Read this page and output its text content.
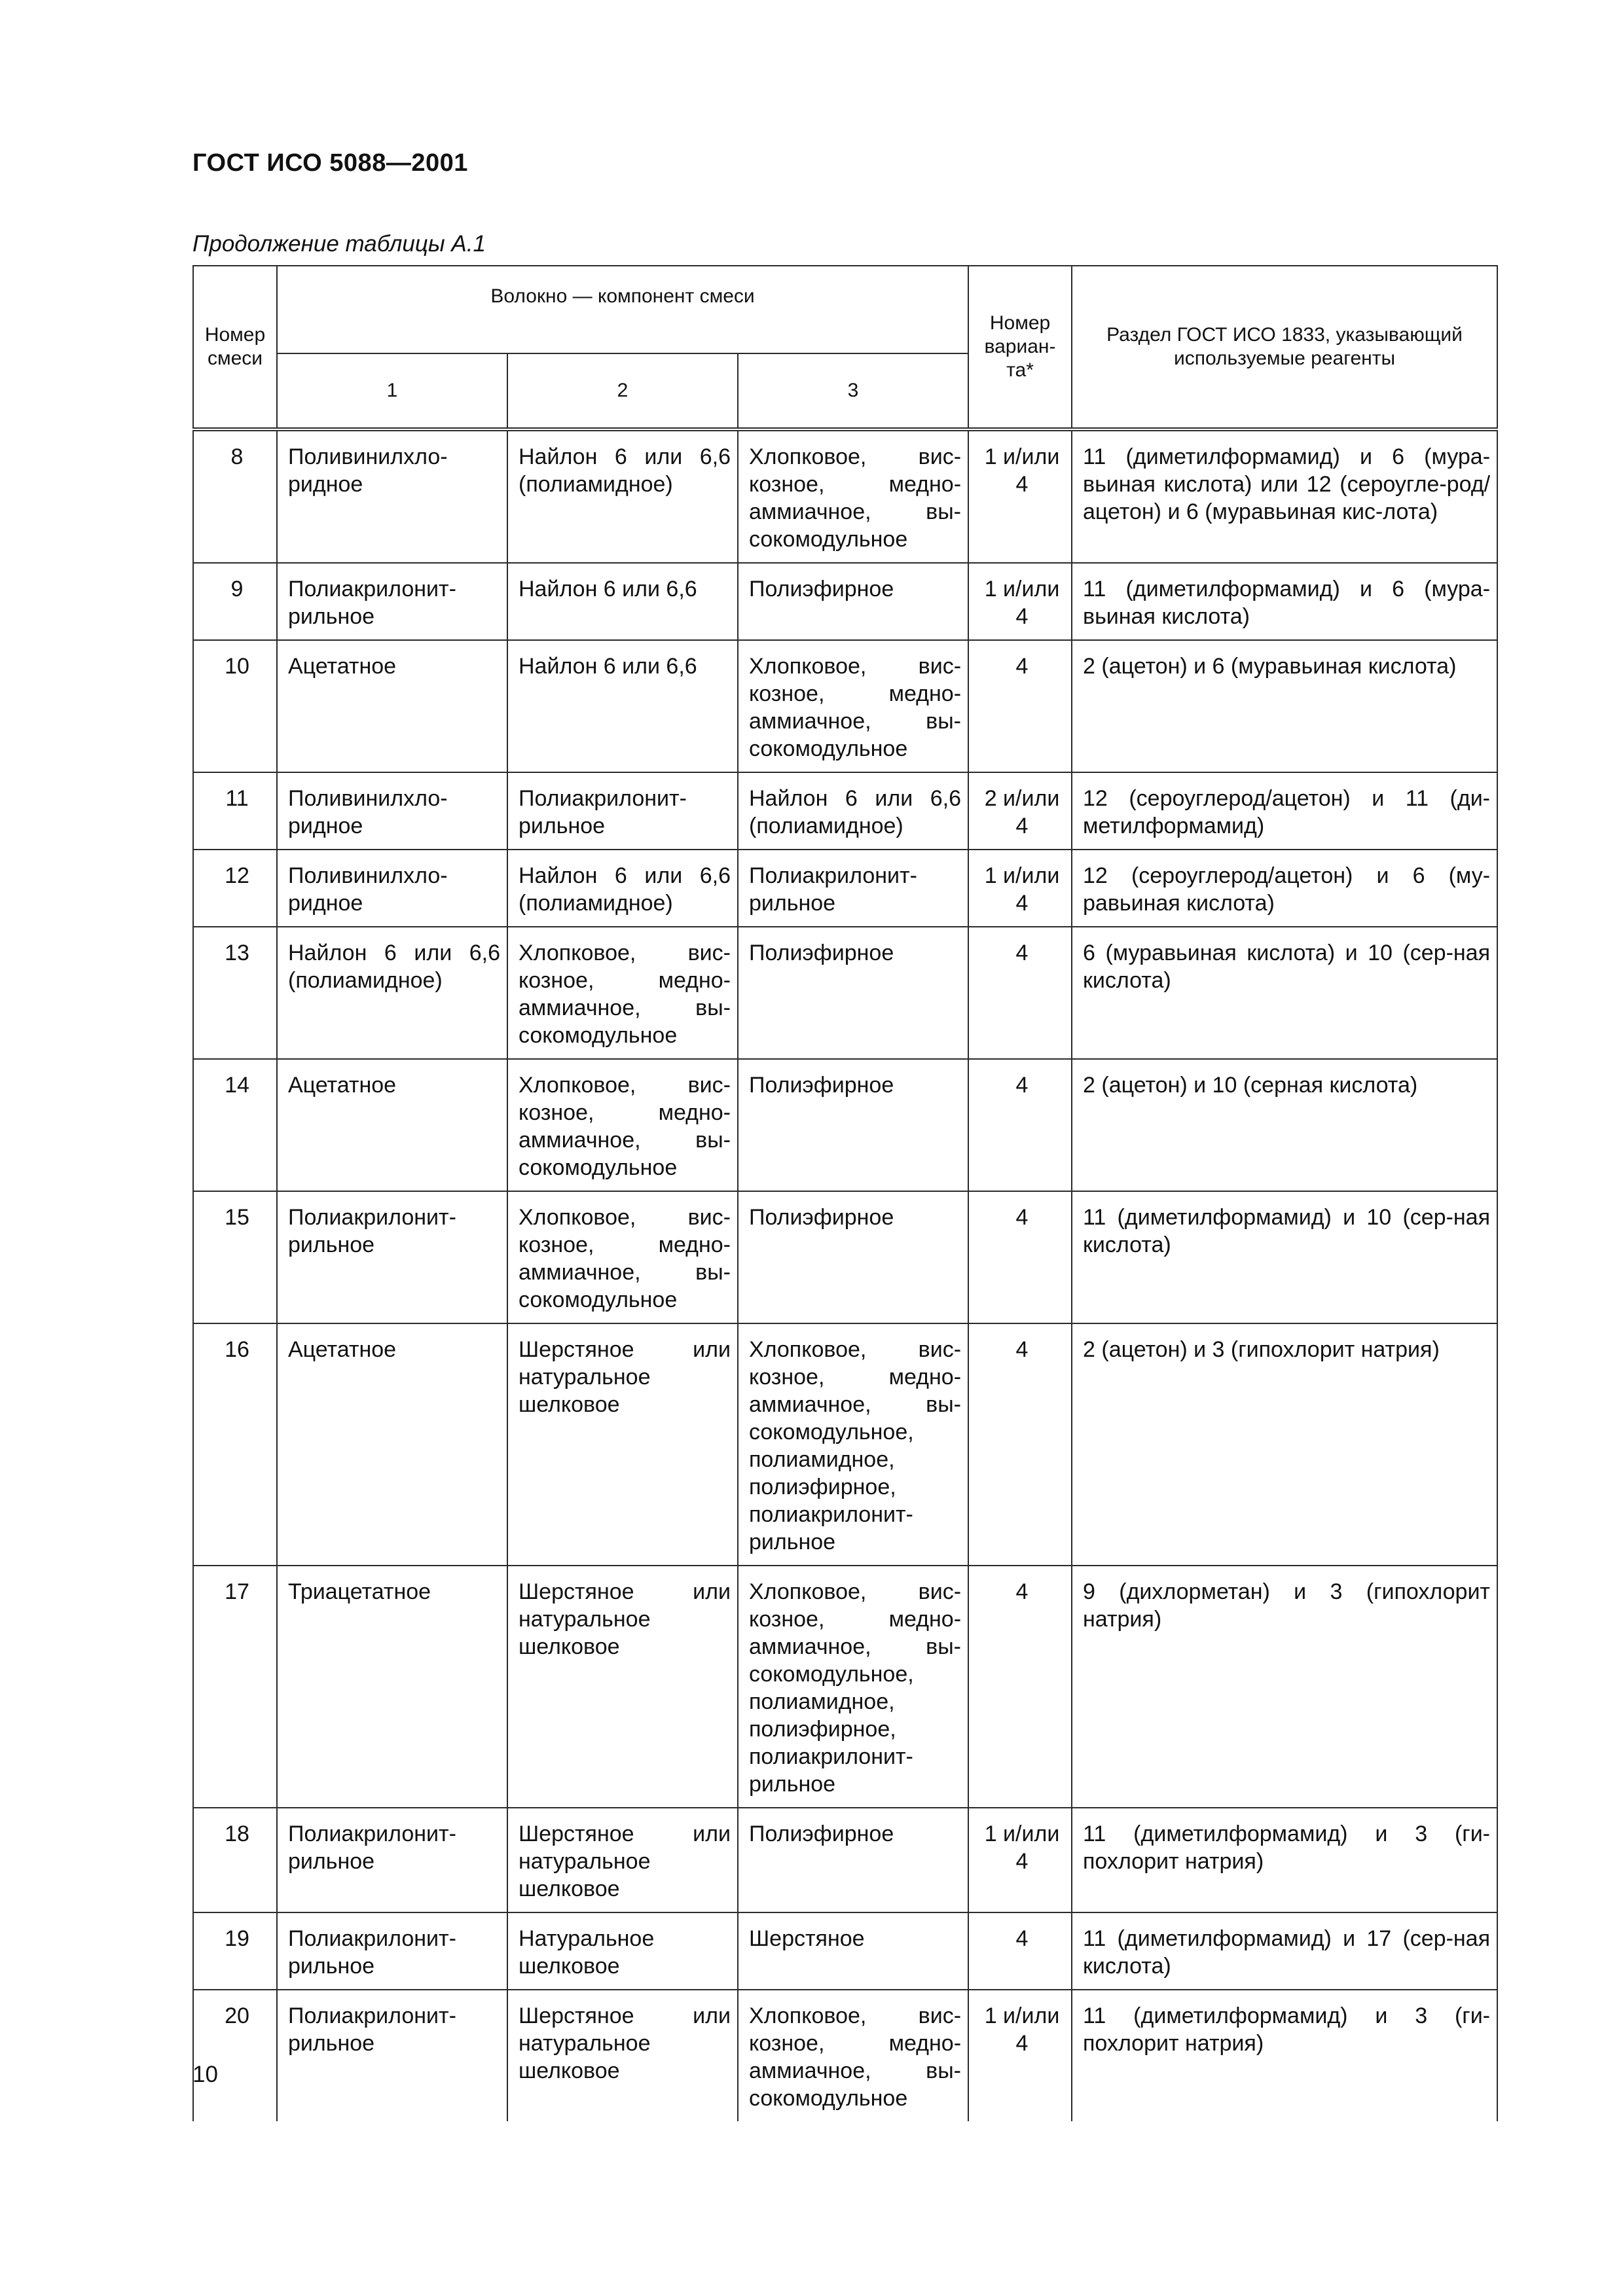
ГОСТ ИСО 5088—2001
Продолжение таблицы А.1
Номер смеси	Волокно — компонент смеси			Номер вариан-та*	Раздел ГОСТ ИСО 1833, указывающий используемые реагенты
	1	2	3		
8	Поливинилхло-ридное	Найлон 6 или 6,6 (полиамидное)	Хлопковое, вис-козное, медно-аммиачное, вы-сокомодульное	1 и/или 4	11 (диметилформамид) и 6 (мура-вьиная кислота) или 12 (сероугле-род/ацетон) и 6 (муравьиная кис-лота)
9	Полиакрилонит-рильное	Найлон 6 или 6,6	Полиэфирное	1 и/или 4	11 (диметилформамид) и 6 (мура-вьиная кислота)
10	Ацетатное	Найлон 6 или 6,6	Хлопковое, вис-козное, медно-аммиачное, вы-сокомодульное	4	2 (ацетон) и 6 (муравьиная кислота)
11	Поливинилхло-ридное	Полиакрилонит-рильное	Найлон 6 или 6,6 (полиамидное)	2 и/или 4	12 (сероуглерод/ацетон) и 11 (ди-метилформамид)
12	Поливинилхло-ридное	Найлон 6 или 6,6 (полиамидное)	Полиакрилонит-рильное	1 и/или 4	12 (сероуглерод/ацетон) и 6 (му-равьиная кислота)
13	Найлон 6 или 6,6 (полиамидное)	Хлопковое, вис-козное, медно-аммиачное, вы-сокомодульное	Полиэфирное	4	6 (муравьиная кислота) и 10 (сер-ная кислота)
14	Ацетатное	Хлопковое, вис-козное, медно-аммиачное, вы-сокомодульное	Полиэфирное	4	2 (ацетон) и 10 (серная кислота)
15	Полиакрилонит-рильное	Хлопковое, вис-козное, медно-аммиачное, вы-сокомодульное	Полиэфирное	4	11 (диметилформамид) и 10 (сер-ная кислота)
16	Ацетатное	Шерстяное или натуральное шелковое	Хлопковое, вис-козное, медно-аммиачное, вы-сокомодульное, полиамидное, полиэфирное, полиакрилонит-рильное	4	2 (ацетон) и 3 (гипохлорит натрия)
17	Триацетатное	Шерстяное или натуральное шелковое	Хлопковое, вис-козное, медно-аммиачное, вы-сокомодульное, полиамидное, полиэфирное, полиакрилонит-рильное	4	9 (дихлорметан) и 3 (гипохлорит натрия)
18	Полиакрилонит-рильное	Шерстяное или натуральное шелковое	Полиэфирное	1 и/или 4	11 (диметилформамид) и 3 (ги-похлорит натрия)
19	Полиакрилонит-рильное	Натуральное шелковое	Шерстяное	4	11 (диметилформамид) и 17 (сер-ная кислота)
20	Полиакрилонит-рильное	Шерстяное или натуральное шелковое	Хлопковое, вис-козное, медно-аммиачное, вы-сокомодульное	1 и/или 4	11 (диметилформамид) и 3 (ги-похлорит натрия)
10
